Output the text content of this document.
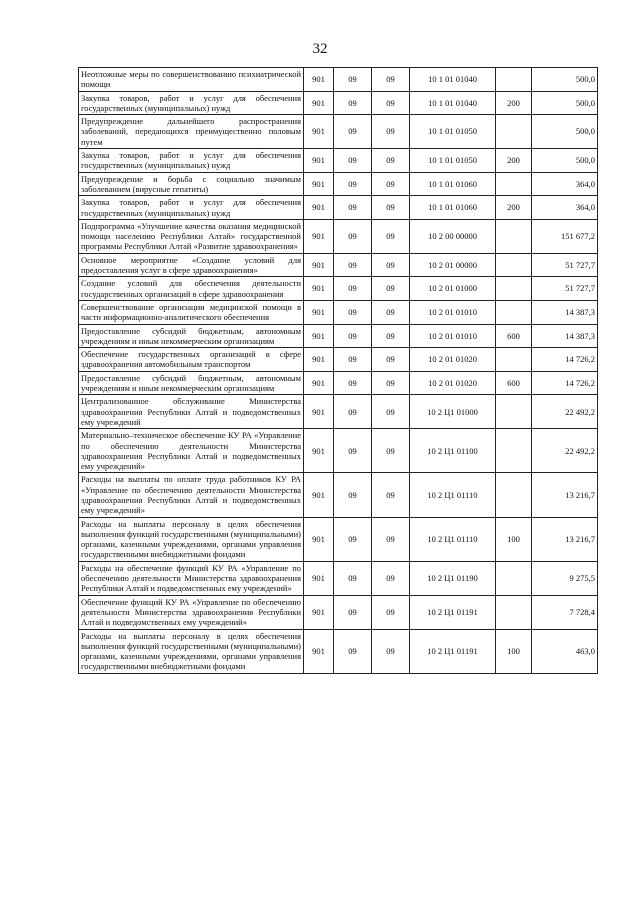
32
Неотложные меры по совершенствованию психиатрической помощи	901	09	09	10 1 01 01040		500,0
Закупка товаров, работ и услуг для обеспечения государственных (муниципальных) нужд	901	09	09	10 1 01 01040	200	500,0
Предупреждение дальнейшего распространения заболеваний, передающихся преимущественно половым путем	901	09	09	10 1 01 01050		500,0
Закупка товаров, работ и услуг для обеспечения государственных (муниципальных) нужд	901	09	09	10 1 01 01050	200	500,0
Предупреждение и борьба с социально значимым заболеванием (вирусные гепатиты)	901	09	09	10 1 01 01060		364,0
Закупка товаров, работ и услуг для обеспечения государственных (муниципальных) нужд	901	09	09	10 1 01 01060	200	364,0
Подпрограмма «Улучшение качества оказания медицинской помощи населению Республики Алтай» государственной программы Республики Алтай «Развитие здравоохранения»	901	09	09	10 2 00 00000		151 677,2
Основное мероприятие «Создание условий для предоставления услуг в сфере здравоохранения»	901	09	09	10 2 01 00000		51 727,7
Создание условий для обеспечения деятельности государственных организаций в сфере здравоохранения	901	09	09	10 2 01 01000		51 727,7
Совершенствование организации медицинской помощи в части информационно-аналитического обеспечения	901	09	09	10 2 01 01010		14 387,3
Предоставление субсидий бюджетным, автономным учреждениям и иным некоммерческим организациям	901	09	09	10 2 01 01010	600	14 387,3
Обеспечение государственных организаций в сфере здравоохранения автомобильным транспортом	901	09	09	10 2 01 01020		14 726,2
Предоставление субсидий бюджетным, автономным учреждениям и иным некоммерческим организациям	901	09	09	10 2 01 01020	600	14 726,2
Централизованное обслуживание Министерства здравоохранения Республики Алтай и подведомственных ему учреждений	901	09	09	10 2 Ц1 01000		22 492,2
Материально–техническое обеспечение КУ РА «Управление по обеспечению деятельности Министерства здравоохранения Республики Алтай и подведомственных ему учреждений»	901	09	09	10 2 Ц1 01100		22 492,2
Расходы на выплаты по оплате труда работников КУ РА «Управление по обеспечению деятельности Министерства здравоохранения Республики Алтай и подведомственных ему учреждений»	901	09	09	10 2 Ц1 01110		13 216,7
Расходы на выплаты персоналу в целях обеспечения выполнения функций государственными (муниципальными) органами, казенными учреждениями, органами управления государственными внебюджетными фондами	901	09	09	10 2 Ц1 01110	100	13 216,7
Расходы на обеспечение функций КУ РА «Управление по обеспечению деятельности Министерства здравоохранения Республики Алтай и подведомственных ему учреждений»	901	09	09	10 2 Ц1 01190		9 275,5
Обеспечение функций КУ РА «Управление по обеспечению деятельности Министерства здравоохранения Республики Алтай и подведомственных ему учреждений»	901	09	09	10 2 Ц1 01191		7 728,4
Расходы на выплаты персоналу в целях обеспечения выполнения функций государственными (муниципальными) органами, казенными учреждениями, органами управления государственными внебюджетными фондами	901	09	09	10 2 Ц1 01191	100	463,0
